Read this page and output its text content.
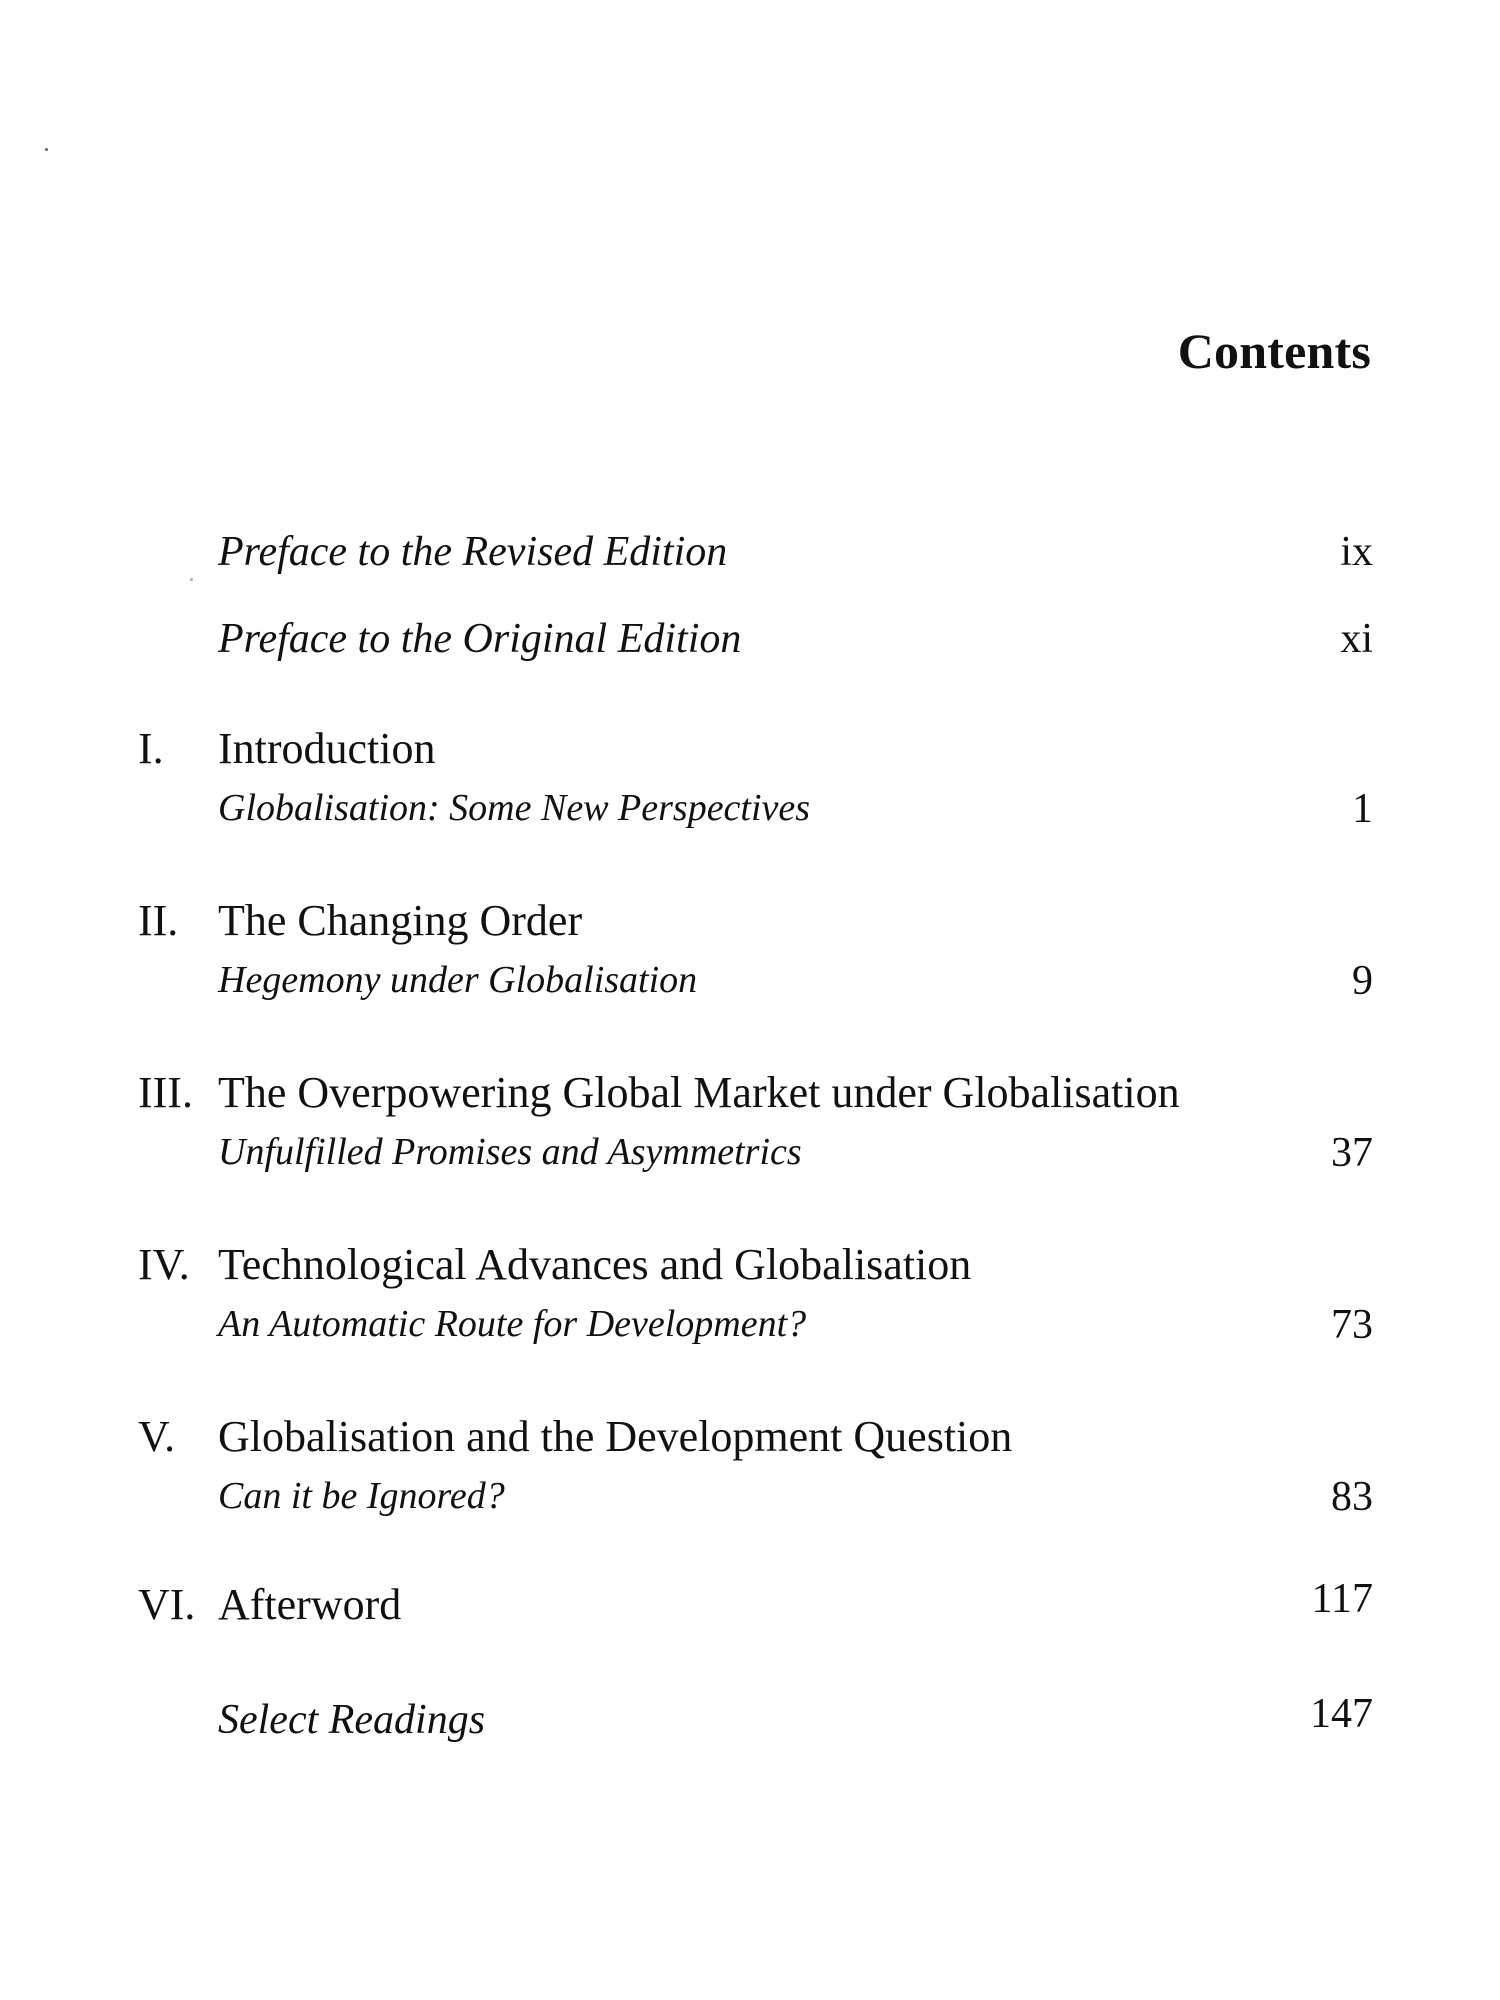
Contents
Preface to the Revised Edition	ix
Preface to the Original Edition	xi
I. Introduction
Globalisation: Some New Perspectives	1
II. The Changing Order
Hegemony under Globalisation	9
III. The Overpowering Global Market under Globalisation
Unfulfilled Promises and Asymmetrics	37
IV. Technological Advances and Globalisation
An Automatic Route for Development?	73
V. Globalisation and the Development Question
Can it be Ignored?	83
VI. Afterword	117
Select Readings	147
